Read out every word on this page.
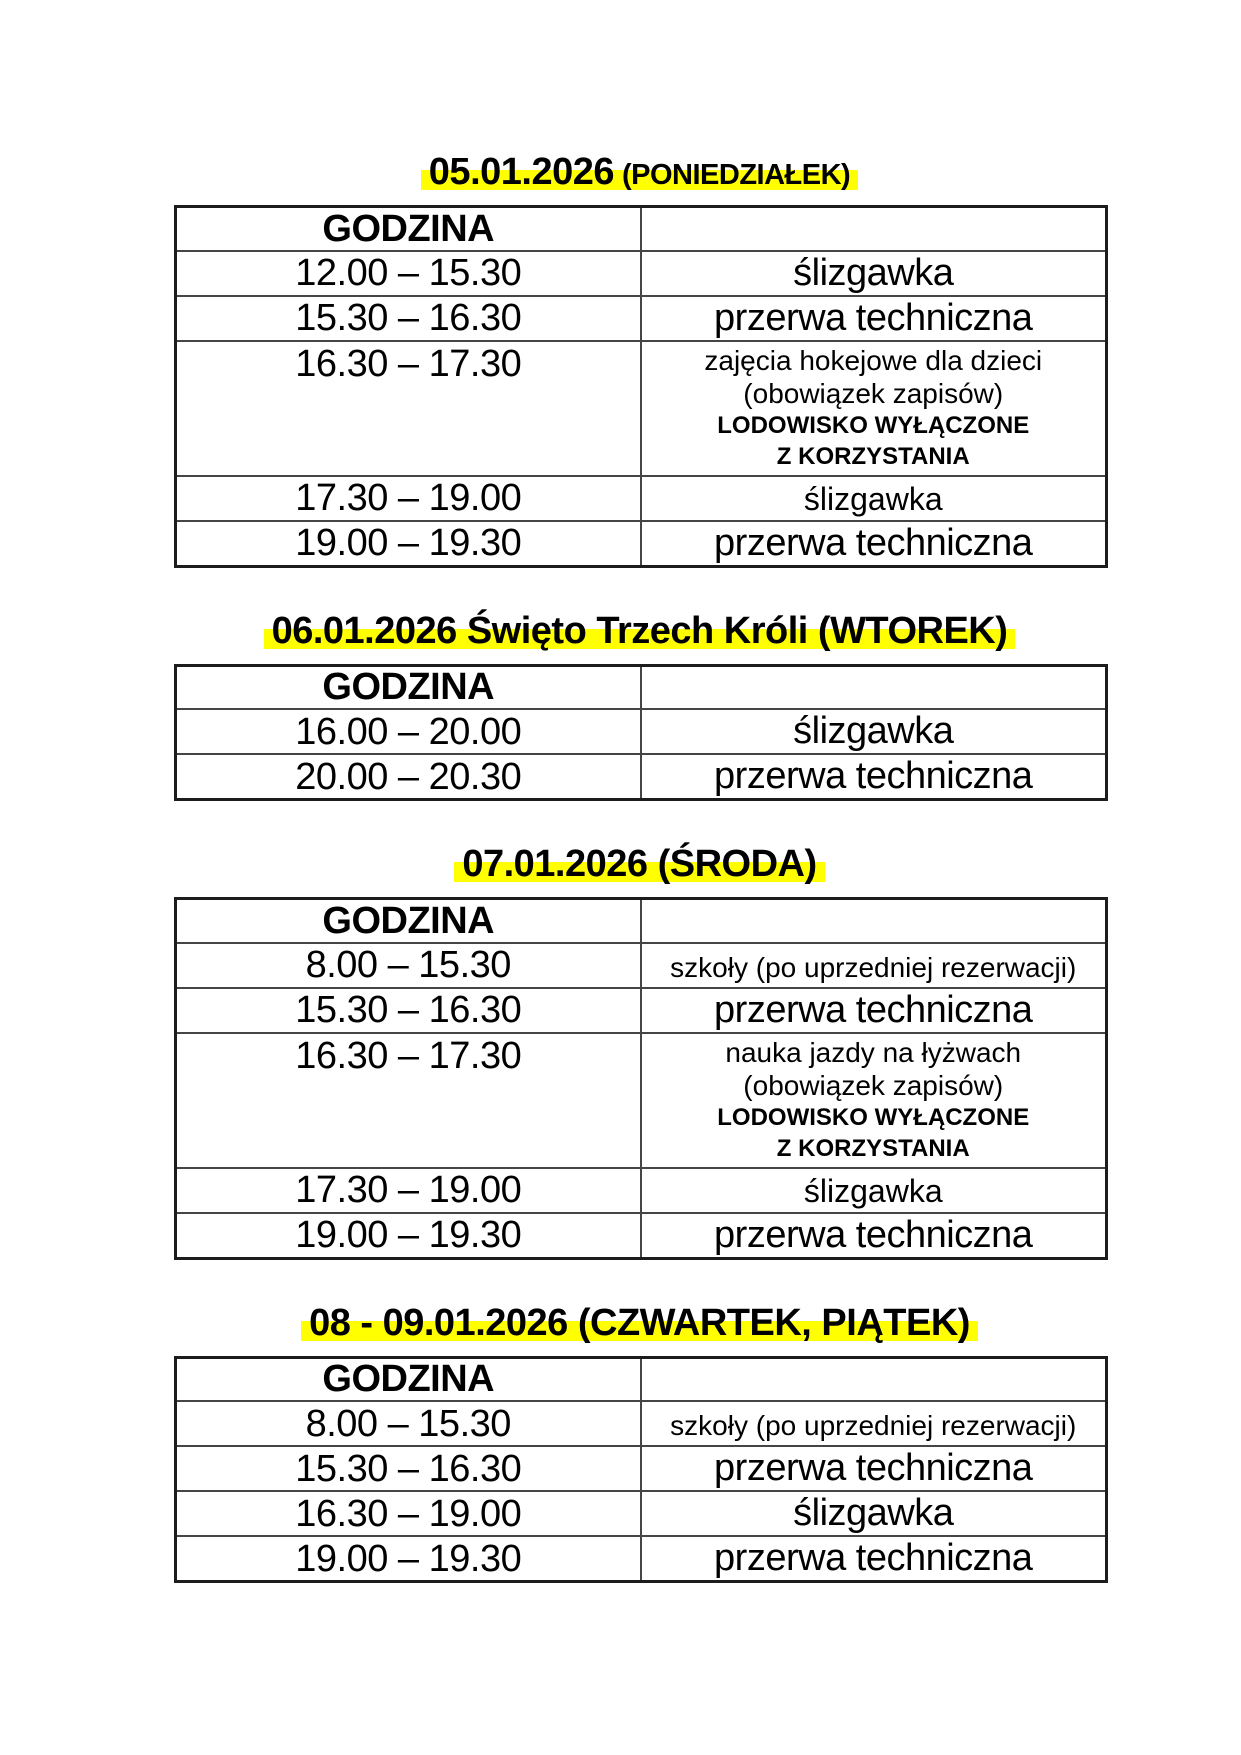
05.01.2026 (PONIEDZIAŁEK)
GODZINA	
12.00 – 15.30	ślizgawka
15.30 – 16.30	przerwa techniczna
16.30 – 17.30	zajęcia hokejowe dla dzieci
(obowiązek zapisów)
LODOWISKO WYŁĄCZONE
Z KORZYSTANIA

17.30 – 19.00	ślizgawka
19.00 – 19.30	przerwa techniczna
06.01.2026 Święto Trzech Króli (WTOREK)
GODZINA	
16.00 – 20.00	ślizgawka
20.00 – 20.30	przerwa techniczna
07.01.2026 (ŚRODA)
GODZINA	
8.00 – 15.30	szkoły (po uprzedniej rezerwacji)
15.30 – 16.30	przerwa techniczna
16.30 – 17.30	nauka jazdy na łyżwach
(obowiązek zapisów)
LODOWISKO WYŁĄCZONE
Z KORZYSTANIA

17.30 – 19.00	ślizgawka
19.00 – 19.30	przerwa techniczna
08 - 09.01.2026 (CZWARTEK, PIĄTEK)
GODZINA	
8.00 – 15.30	szkoły (po uprzedniej rezerwacji)
15.30 – 16.30	przerwa techniczna
16.30 – 19.00	ślizgawka
19.00 – 19.30	przerwa techniczna
